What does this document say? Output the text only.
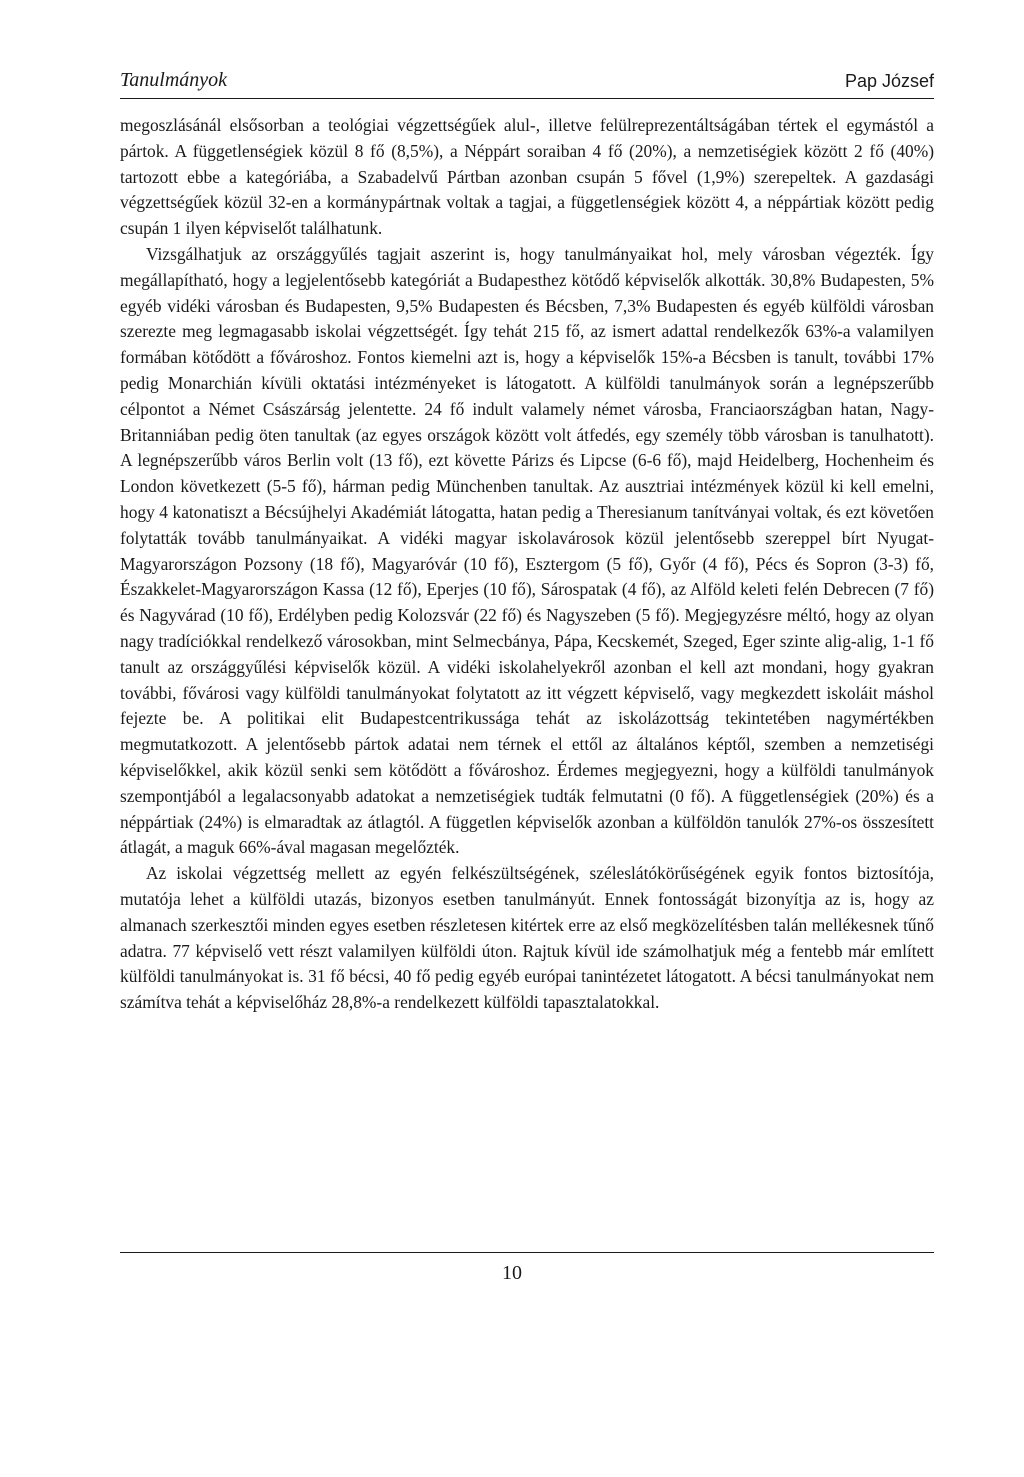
Tanulmányok	Pap József

megoszlásánál elsősorban a teológiai végzettségűek alul-, illetve felülreprezentáltságában tértek el egymástól a pártok. A függetlenségiek közül 8 fő (8,5%), a Néppárt soraiban 4 fő (20%), a nemzetiségiek között 2 fő (40%) tartozott ebbe a kategóriába, a Szabadelvű Pártban azonban csupán 5 fővel (1,9%) szerepeltek. A gazdasági végzettségűek közül 32-en a kormánypártnak voltak a tagjai, a függetlenségiek között 4, a néppártiak között pedig csupán 1 ilyen képviselőt találhatunk.

Vizsgálhatjuk az országgyűlés tagjait aszerint is, hogy tanulmányaikat hol, mely városban végezték. Így megállapítható, hogy a legjelentősebb kategóriát a Budapesthez kötődő képviselők alkották. 30,8% Budapesten, 5% egyéb vidéki városban és Budapesten, 9,5% Budapesten és Bécsben, 7,3% Budapesten és egyéb külföldi városban szerezte meg legmagasabb iskolai végzettségét. Így tehát 215 fő, az ismert adattal rendelkezők 63%-a valamilyen formában kötődött a fővároshoz. Fontos kiemelni azt is, hogy a képviselők 15%-a Bécsben is tanult, további 17% pedig Monarchián kívüli oktatási intézményeket is látogatott. A külföldi tanulmányok során a legnépszerűbb célpontot a Német Császárság jelentette. 24 fő indult valamely német városba, Franciaországban hatan, Nagy-Britanniában pedig öten tanultak (az egyes országok között volt átfedés, egy személy több városban is tanulhatott). A legnépszerűbb város Berlin volt (13 fő), ezt követte Párizs és Lipcse (6-6 fő), majd Heidelberg, Hochenheim és London következett (5-5 fő), hárman pedig Münchenben tanultak. Az ausztriai intézmények közül ki kell emelni, hogy 4 katonatiszt a Bécsújhelyi Akadémiát látogatta, hatan pedig a Theresianum tanítványai voltak, és ezt követően folytatták tovább tanulmányaikat. A vidéki magyar iskolavárosok közül jelentősebb szereppel bírt Nyugat-Magyarországon Pozsony (18 fő), Magyaróvár (10 fő), Esztergom (5 fő), Győr (4 fő), Pécs és Sopron (3-3) fő, Északkelet-Magyarországon Kassa (12 fő), Eperjes (10 fő), Sárospatak (4 fő), az Alföld keleti felén Debrecen (7 fő) és Nagyvárad (10 fő), Erdélyben pedig Kolozsvár (22 fő) és Nagyszeben (5 fő). Megjegyzésre méltó, hogy az olyan nagy tradíciókkal rendelkező városokban, mint Selmecbánya, Pápa, Kecskemét, Szeged, Eger szinte alig-alig, 1-1 fő tanult az országgyűlési képviselők közül. A vidéki iskolahelyekről azonban el kell azt mondani, hogy gyakran további, fővárosi vagy külföldi tanulmányokat folytatott az itt végzett képviselő, vagy megkezdett iskoláit máshol fejezte be. A politikai elit Budapestcentrikussága tehát az iskolázottság tekintetében nagymértékben megmutatkozott. A jelentősebb pártok adatai nem térnek el ettől az általános képtől, szemben a nemzetiségi képviselőkkel, akik közül senki sem kötődött a fővároshoz. Érdemes megjegyezni, hogy a külföldi tanulmányok szempontjából a legalacsonyabb adatokat a nemzetiségiek tudták felmutatni (0 fő). A függetlenségiek (20%) és a néppártiak (24%) is elmaradtak az átlagtól. A független képviselők azonban a külföldön tanulók 27%-os összesített átlagát, a maguk 66%-ával magasan megelőzték.

Az iskolai végzettség mellett az egyén felkészültségének, széleslátókörűségének egyik fontos biztosítója, mutatója lehet a külföldi utazás, bizonyos esetben tanulmányút. Ennek fontosságát bizonyítja az is, hogy az almanach szerkesztői minden egyes esetben részletesen kitértek erre az első megközelítésben talán mellékesnek tűnő adatra. 77 képviselő vett részt valamilyen külföldi úton. Rajtuk kívül ide számolhatjuk még a fentebb már említett külföldi tanulmányokat is. 31 fő bécsi, 40 fő pedig egyéb európai tanintézetet látogatott. A bécsi tanulmányokat nem számítva tehát a képviselőház 28,8%-a rendelkezett külföldi tapasztalatokkal.

10
